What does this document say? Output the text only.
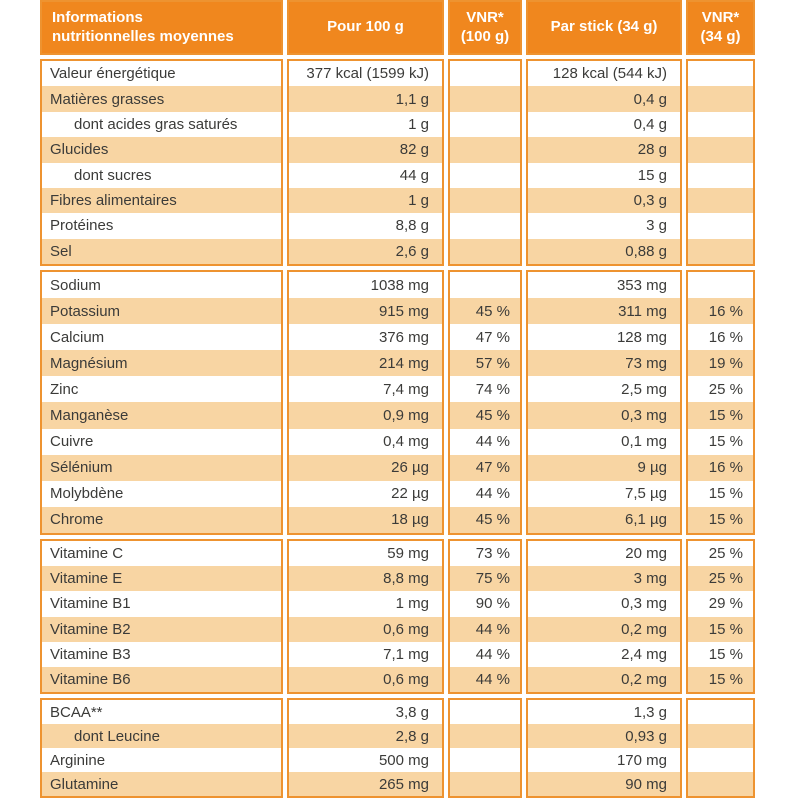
Informations
nutritionnelles moyennes
Pour 100 g
VNR*
(100 g)
Par stick (34 g)
VNR*
(34 g)
Valeur énergétique
Matières grasses
dont acides gras saturés
Glucides
dont sucres
Fibres alimentaires
Protéines
Sel
377 kcal (1599 kJ)
1,1 g
1 g
82 g
44 g
1 g
8,8 g
2,6 g
128 kcal (544 kJ)
0,4 g
0,4 g
28 g
15 g
0,3 g
3 g
0,88 g
Sodium
Potassium
Calcium
Magnésium
Zinc
Manganèse
Cuivre
Sélénium
Molybdène
Chrome
1038 mg
915 mg
376 mg
214 mg
7,4 mg
0,9 mg
0,4 mg
26 µg
22 µg
18 µg
45 %
47 %
57 %
74 %
45 %
44 %
47 %
44 %
45 %
353 mg
311 mg
128 mg
73 mg
2,5 mg
0,3 mg
0,1 mg
9 µg
7,5 µg
6,1 µg
16 %
16 %
19 %
25 %
15 %
15 %
16 %
15 %
15 %
Vitamine C
Vitamine E
Vitamine B1
Vitamine B2
Vitamine B3
Vitamine B6
59 mg
8,8 mg
1 mg
0,6 mg
7,1 mg
0,6 mg
73 %
75 %
90 %
44 %
44 %
44 %
20 mg
3 mg
0,3 mg
0,2 mg
2,4 mg
0,2 mg
25 %
25 %
29 %
15 %
15 %
15 %
BCAA**
dont Leucine
Arginine
Glutamine
3,8 g
2,8 g
500 mg
265 mg
1,3 g
0,93 g
170 mg
90 mg
